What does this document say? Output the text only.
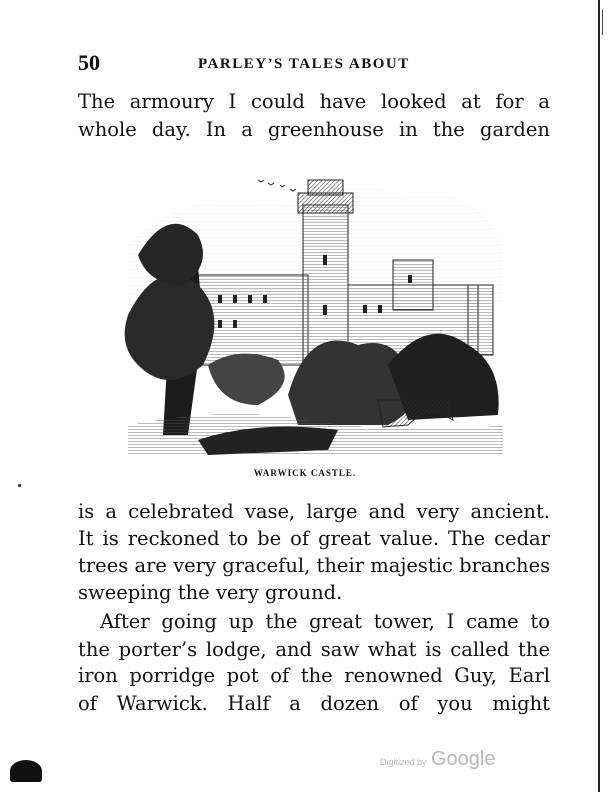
50	PARLEY’S TALES ABOUT
The armoury I could have looked at for a
whole day. In a greenhouse in the garden
WARWICK CASTLE.
is a celebrated vase, large and very ancient.
It is reckoned to be of great value. The cedar
trees are very graceful, their majestic branches
sweeping the very ground.
After going up the great tower, I came to
the porter’s lodge, and saw what is called the
iron porridge pot of the renowned Guy, Earl
of Warwick. Half a dozen of you might
Digitized by Google
